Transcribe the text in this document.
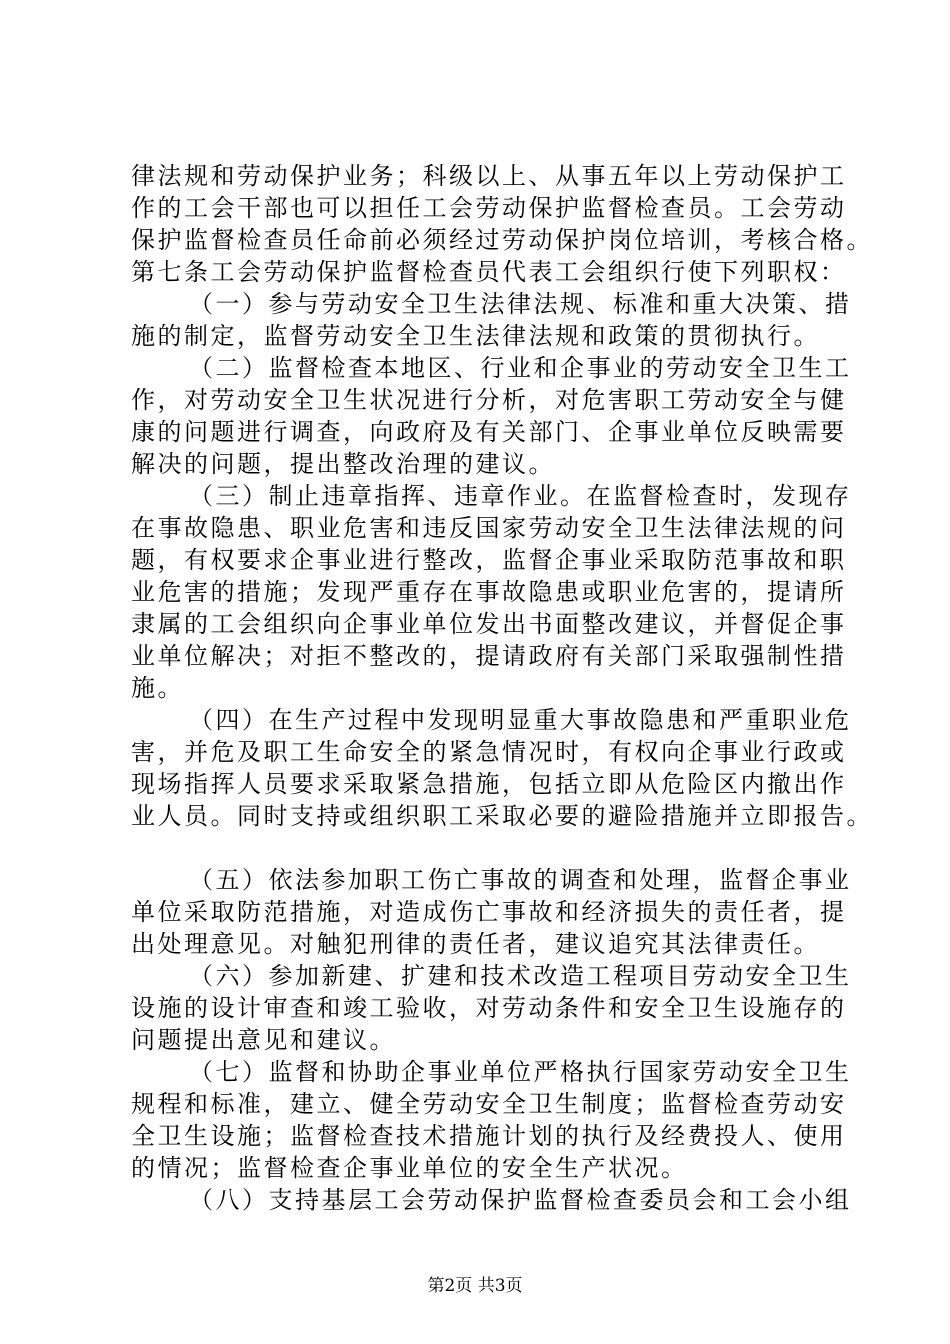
律法规和劳动保护业务；科级以上、从事五年以上劳动保护工
作的工会干部也可以担任工会劳动保护监督检查员。工会劳动
保护监督检查员任命前必须经过劳动保护岗位培训，考核合格。
第七条工会劳动保护监督检查员代表工会组织行使下列职权：
（一）参与劳动安全卫生法律法规、标准和重大决策、措
施的制定，监督劳动安全卫生法律法规和政策的贯彻执行。
（二）监督检查本地区、行业和企事业的劳动安全卫生工
作，对劳动安全卫生状况进行分析，对危害职工劳动安全与健
康的问题进行调查，向政府及有关部门、企事业单位反映需要
解决的问题，提出整改治理的建议。
（三）制止违章指挥、违章作业。在监督检查时，发现存
在事故隐患、职业危害和违反国家劳动安全卫生法律法规的问
题，有权要求企事业进行整改，监督企事业采取防范事故和职
业危害的措施；发现严重存在事故隐患或职业危害的，提请所
隶属的工会组织向企事业单位发出书面整改建议，并督促企事
业单位解决；对拒不整改的，提请政府有关部门采取强制性措
施。
（四）在生产过程中发现明显重大事故隐患和严重职业危
害，并危及职工生命安全的紧急情况时，有权向企事业行政或
现场指挥人员要求采取紧急措施，包括立即从危险区内撤出作
业人员。同时支持或组织职工采取必要的避险措施并立即报告。
（五）依法参加职工伤亡事故的调查和处理，监督企事业
单位采取防范措施，对造成伤亡事故和经济损失的责任者，提
出处理意见。对触犯刑律的责任者，建议追究其法律责任。
（六）参加新建、扩建和技术改造工程项目劳动安全卫生
设施的设计审查和竣工验收，对劳动条件和安全卫生设施存的
问题提出意见和建议。
（七）监督和协助企事业单位严格执行国家劳动安全卫生
规程和标准，建立、健全劳动安全卫生制度；监督检查劳动安
全卫生设施；监督检查技术措施计划的执行及经费投人、使用
的情况；监督检查企事业单位的安全生产状况。
（八）支持基层工会劳动保护监督检查委员会和工会小组
第2页 共3页
